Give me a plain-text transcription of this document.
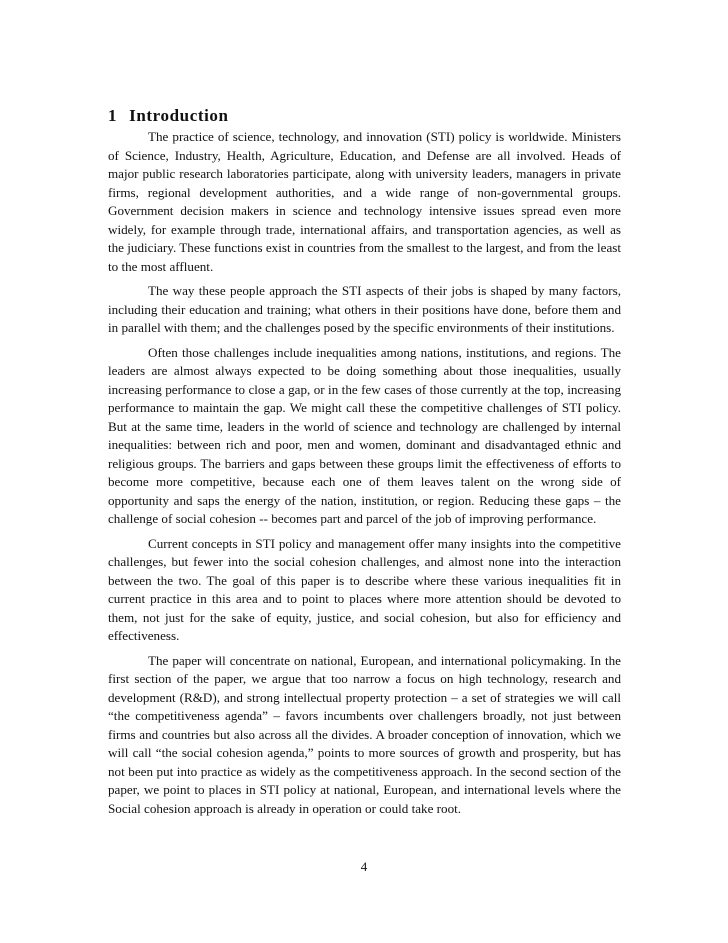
1 Introduction

The practice of science, technology, and innovation (STI) policy is worldwide. Ministers of Science, Industry, Health, Agriculture, Education, and Defense are all involved. Heads of major public research laboratories participate, along with university leaders, managers in private firms, regional development authorities, and a wide range of non-governmental groups. Government decision makers in science and technology intensive issues spread even more widely, for example through trade, international affairs, and transportation agencies, as well as the judiciary. These functions exist in countries from the smallest to the largest, and from the least to the most affluent.

The way these people approach the STI aspects of their jobs is shaped by many factors, including their education and training; what others in their positions have done, before them and in parallel with them; and the challenges posed by the specific environments of their institutions.

Often those challenges include inequalities among nations, institutions, and regions. The leaders are almost always expected to be doing something about those inequalities, usually increasing performance to close a gap, or in the few cases of those currently at the top, increasing performance to maintain the gap. We might call these the competitive challenges of STI policy. But at the same time, leaders in the world of science and technology are challenged by internal inequalities: between rich and poor, men and women, dominant and disadvantaged ethnic and religious groups. The barriers and gaps between these groups limit the effectiveness of efforts to become more competitive, because each one of them leaves talent on the wrong side of opportunity and saps the energy of the nation, institution, or region. Reducing these gaps – the challenge of social cohesion -- becomes part and parcel of the job of improving performance.

Current concepts in STI policy and management offer many insights into the competitive challenges, but fewer into the social cohesion challenges, and almost none into the interaction between the two. The goal of this paper is to describe where these various inequalities fit in current practice in this area and to point to places where more attention should be devoted to them, not just for the sake of equity, justice, and social cohesion, but also for efficiency and effectiveness.

The paper will concentrate on national, European, and international policymaking. In the first section of the paper, we argue that too narrow a focus on high technology, research and development (R&D), and strong intellectual property protection – a set of strategies we will call “the competitiveness agenda” – favors incumbents over challengers broadly, not just between firms and countries but also across all the divides. A broader conception of innovation, which we will call “the social cohesion agenda,” points to more sources of growth and prosperity, but has not been put into practice as widely as the competitiveness approach. In the second section of the paper, we point to places in STI policy at national, European, and international levels where the Social cohesion approach is already in operation or could take root.

4
